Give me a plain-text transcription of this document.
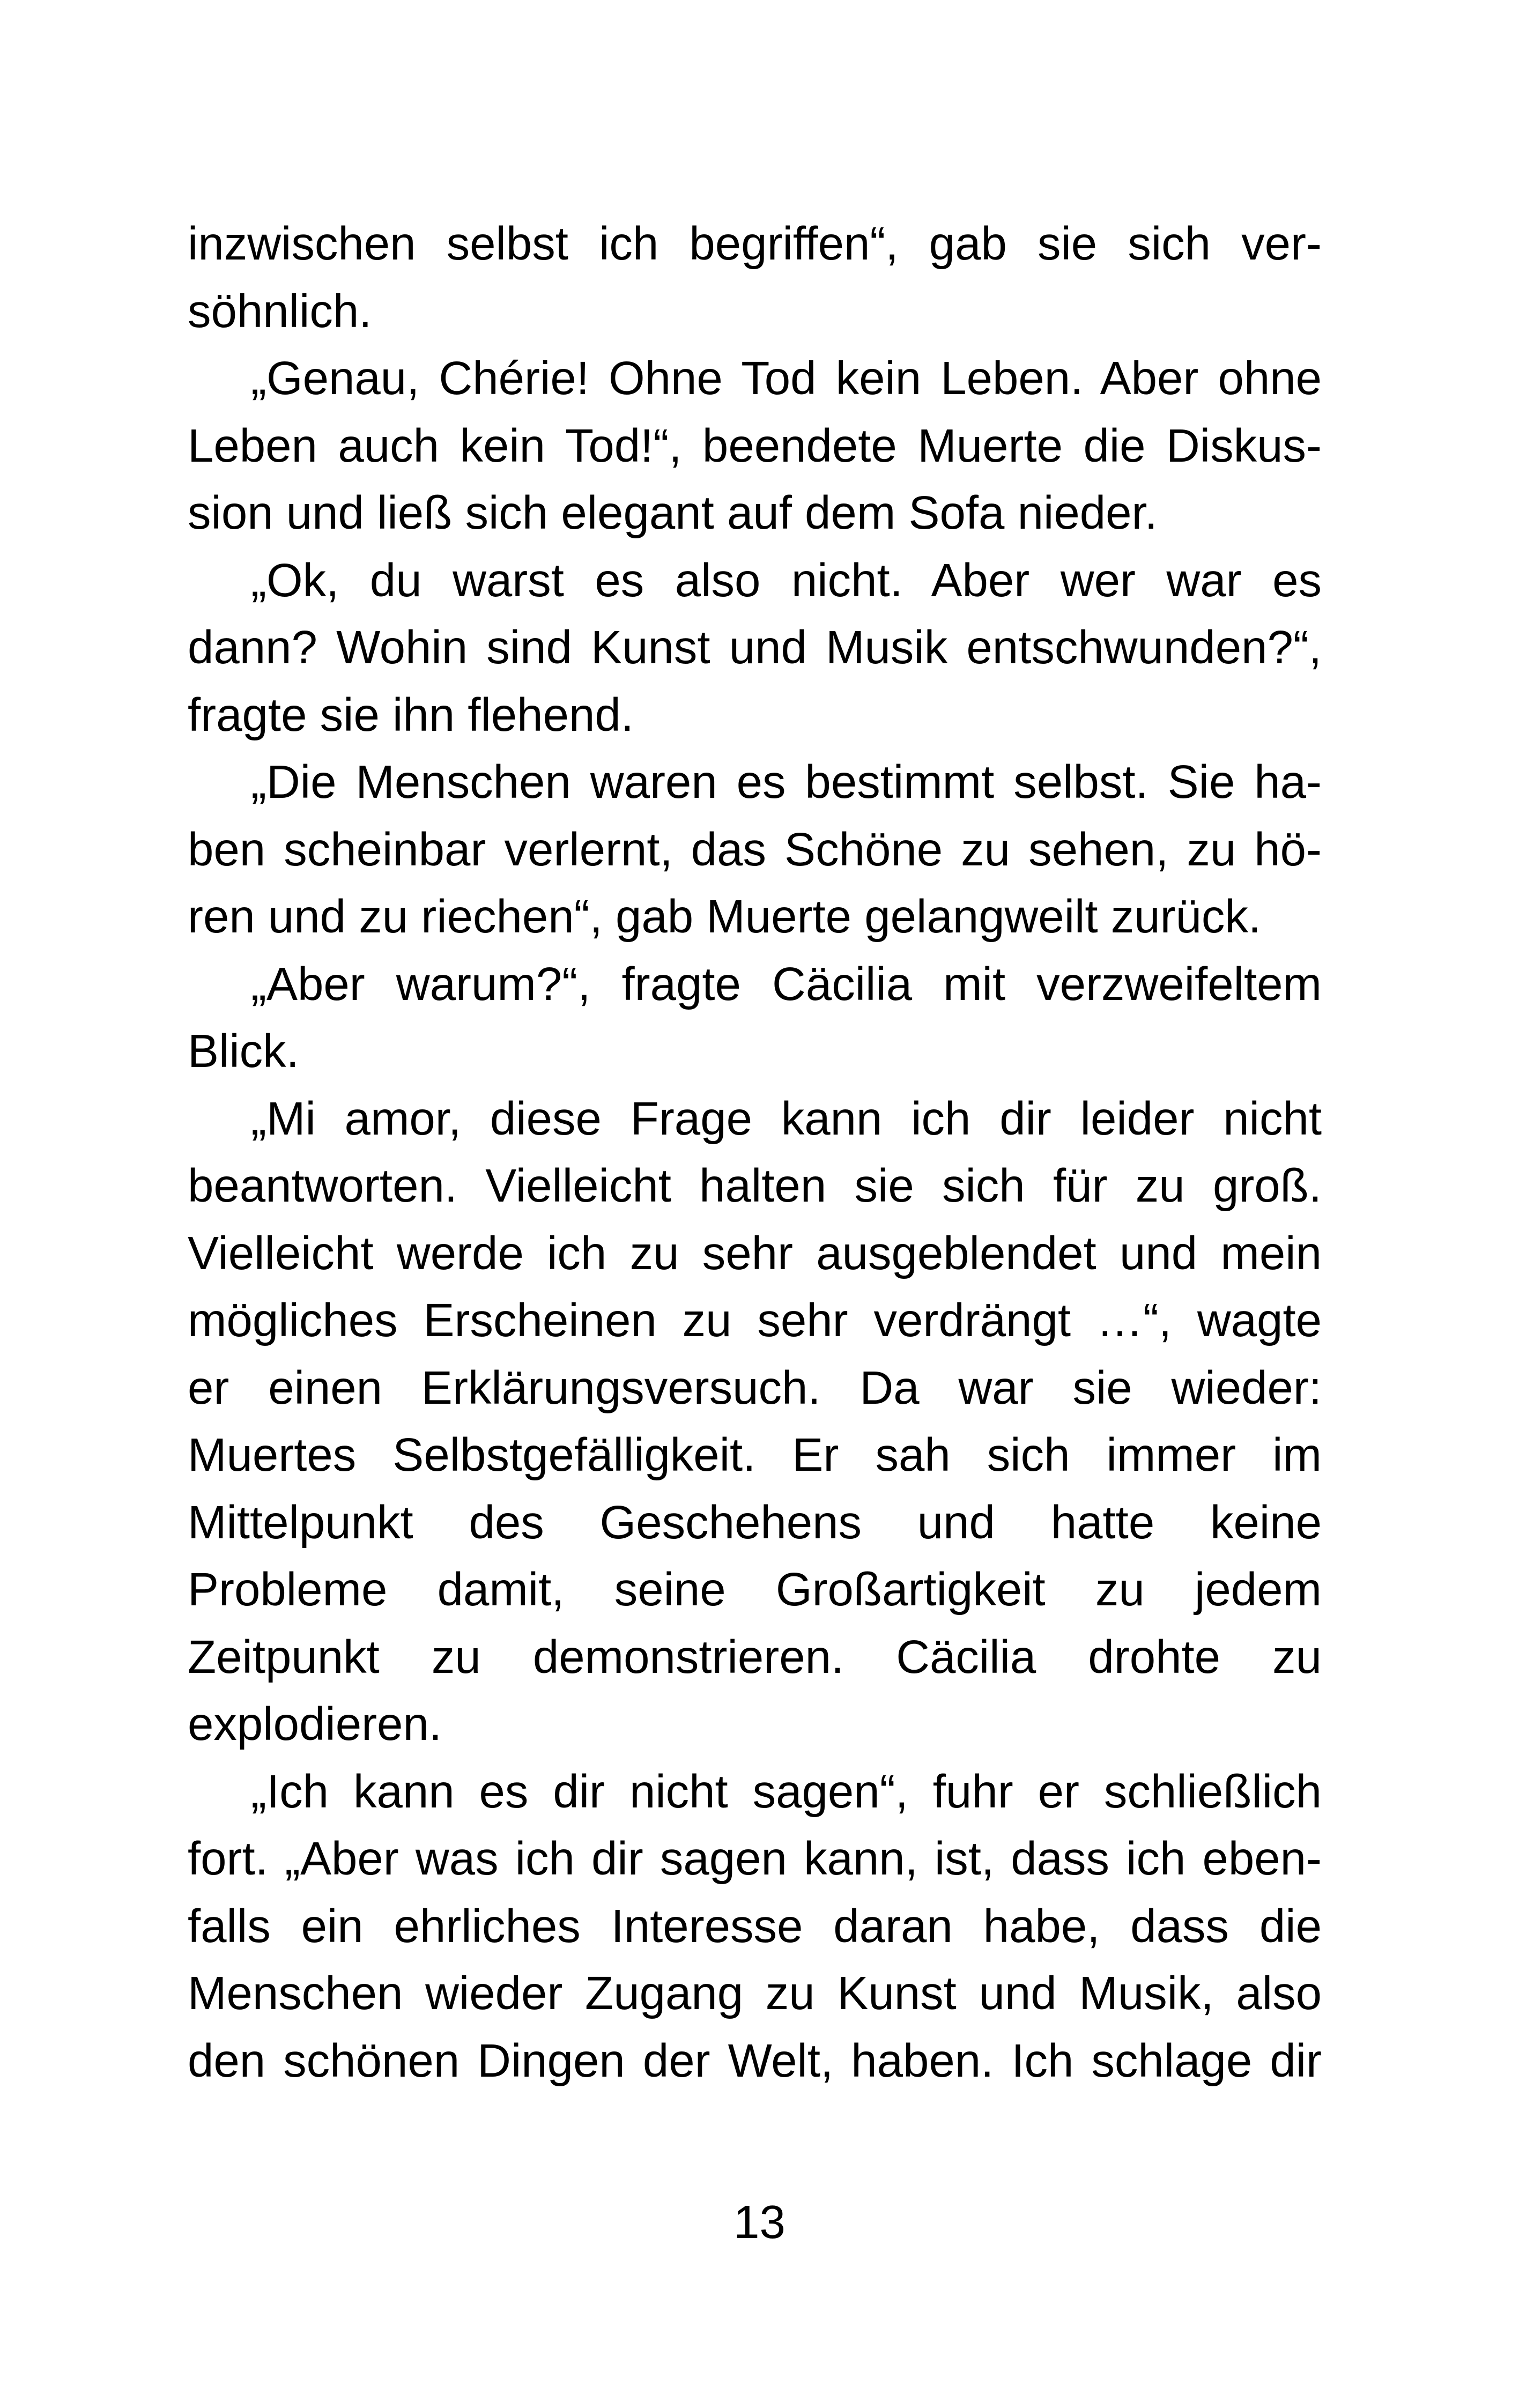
inzwischen selbst ich begriffen“, gab sie sich ver-
söhnlich.
„Genau, Chérie! Ohne Tod kein Leben. Aber ohne
Leben auch kein Tod!“, beendete Muerte die Diskus-
sion und ließ sich elegant auf dem Sofa nieder.
„Ok, du warst es also nicht. Aber wer war es
dann? Wohin sind Kunst und Musik entschwunden?“,
fragte sie ihn flehend.
„Die Menschen waren es bestimmt selbst. Sie ha-
ben scheinbar verlernt, das Schöne zu sehen, zu hö-
ren und zu riechen“, gab Muerte gelangweilt zurück.
„Aber warum?“, fragte Cäcilia mit verzweifeltem
Blick.
„Mi amor, diese Frage kann ich dir leider nicht
beantworten. Vielleicht halten sie sich für zu groß.
Vielleicht werde ich zu sehr ausgeblendet und mein
mögliches Erscheinen zu sehr verdrängt …“, wagte
er einen Erklärungsversuch. Da war sie wieder:
Muertes Selbstgefälligkeit. Er sah sich immer im
Mittelpunkt des Geschehens und hatte keine
Probleme damit, seine Großartigkeit zu jedem
Zeitpunkt zu demonstrieren. Cäcilia drohte zu
explodieren.
„Ich kann es dir nicht sagen“, fuhr er schließlich
fort. „Aber was ich dir sagen kann, ist, dass ich eben-
falls ein ehrliches Interesse daran habe, dass die
Menschen wieder Zugang zu Kunst und Musik, also
den schönen Dingen der Welt, haben. Ich schlage dir
13
